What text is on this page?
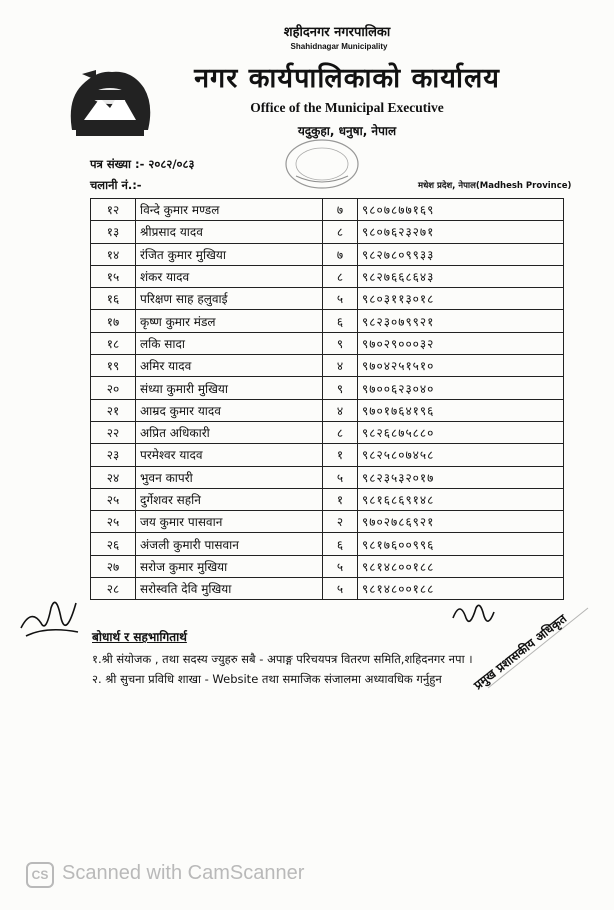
शहीदनगर नगरपालिका
Shahidnagar Municipality
नगर कार्यपालिकाको कार्यालय
Office of the Municipal Executive
यदुकुहा, धनुषा, नेपाल
पत्र संख्या :- २०८२/०८३
चलानी नं.:-	मधेश प्रदेश, नेपाल(Madhesh Province)
१२	विन्दे कुमार मण्डल	७	९८०७८७७१६९
१३	श्रीप्रसाद यादव	८	९८०७६२३२७१
१४	रंजित कुमार मुखिया	७	९८२७८०९९३३
१५	शंकर यादव	८	९८२७६६८६४३
१६	परिक्षण साह हलुवाई	५	९८०३११३०१८
१७	कृष्ण कुमार मंडल	६	९८२३०७९९२१
१८	लकि सादा	९	९७०२९०००३२
१९	अमिर यादव	४	९७०४२५१५१०
२०	संध्या कुमारी मुखिया	९	९७००६२३०४०
२१	आम्रद कुमार यादव	४	९७०१७६४१९६
२२	अप्रित अधिकारी	८	९८२६८७५८८०
२३	परमेश्वर यादव	१	९८२५८०७४५८
२४	भुवन कापरी	५	९८२३५३२०१७
२५	दुर्गेशवर सहनि	१	९८१६८६९१४८
२५	जय कुमार पासवान	२	९७०२७८६९२१
२६	अंजली कुमारी पासवान	६	९८१७६००९९६
२७	सरोज कुमार मुखिया	५	९८१४८००१८८
२८	सरोस्वति देवि मुखिया	५	९८१४८००१८८
प्रमुख प्रशासकीय अधिकृत
बोधार्थ र सहभागितार्थ
१.श्री संयोजक , तथा सदस्य ज्युहरु सबै - अपाङ्ग परिचयपत्र वितरण समिति,शहिदनगर नपा ।
२. श्री सुचना प्रविधि शाखा - Website तथा समाजिक संजालमा अध्यावधिक गर्नुहुन
CS Scanned with CamScanner
